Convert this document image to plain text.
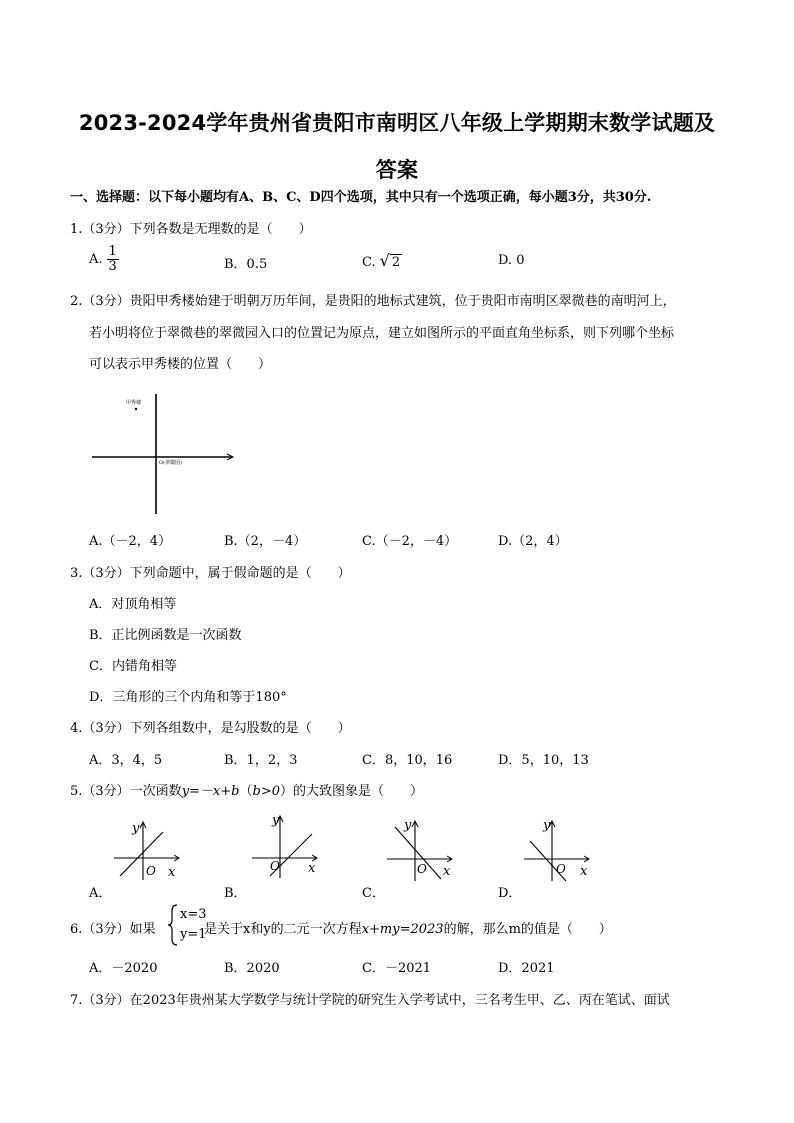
2023-2024学年贵州省贵阳市南明区八年级上学期期末数学试题及答案
一、选择题：以下每小题均有A、B、C、D四个选项，其中只有一个选项正确，每小题3分，共30分.
1.（3分）下列各数是无理数的是（　　）
A. $\frac{1}{3}$	B．0.5	C. √ 2	D. 0
2.（3分）贵阳甲秀楼始建于明朝万历年间，是贵阳的地标式建筑，位于贵阳市南明区翠微巷的南明河上，
若小明将位于翠微巷的翠微园入口的位置记为原点，建立如图所示的平面直角坐标系，则下列哪个坐标
可以表示甲秀楼的位置（　　）
甲秀楼
O(翠微园)
A.（－2，4）	B.（2，－4）	C.（－2，－4）	D.（2，4）
3.（3分）下列命题中，属于假命题的是（　　）
A．对顶角相等
B．正比例函数是一次函数
C．内错角相等
D．三角形的三个内角和等于180°
4.（3分）下列各组数中，是勾股数的是（　　）
A．3，4，5	B．1，2，3	C．8，10，16	D．5，10，13
5.（3分）一次函数y=－x+b（b>0）的大致图象是（　　）
y
x
O
A．
y
x
O
B．
y
x
O
C．
y
x
O
D．
6.（3分）如果
x=3
y=1
是关于x和y的二元一次方程x+my=2023的解，那么m的值是（　　）
A．－2020	B．2020	C．－2021	D．2021
7.（3分）在2023年贵州某大学数学与统计学院的研究生入学考试中，三名考生甲、乙、丙在笔试、面试
